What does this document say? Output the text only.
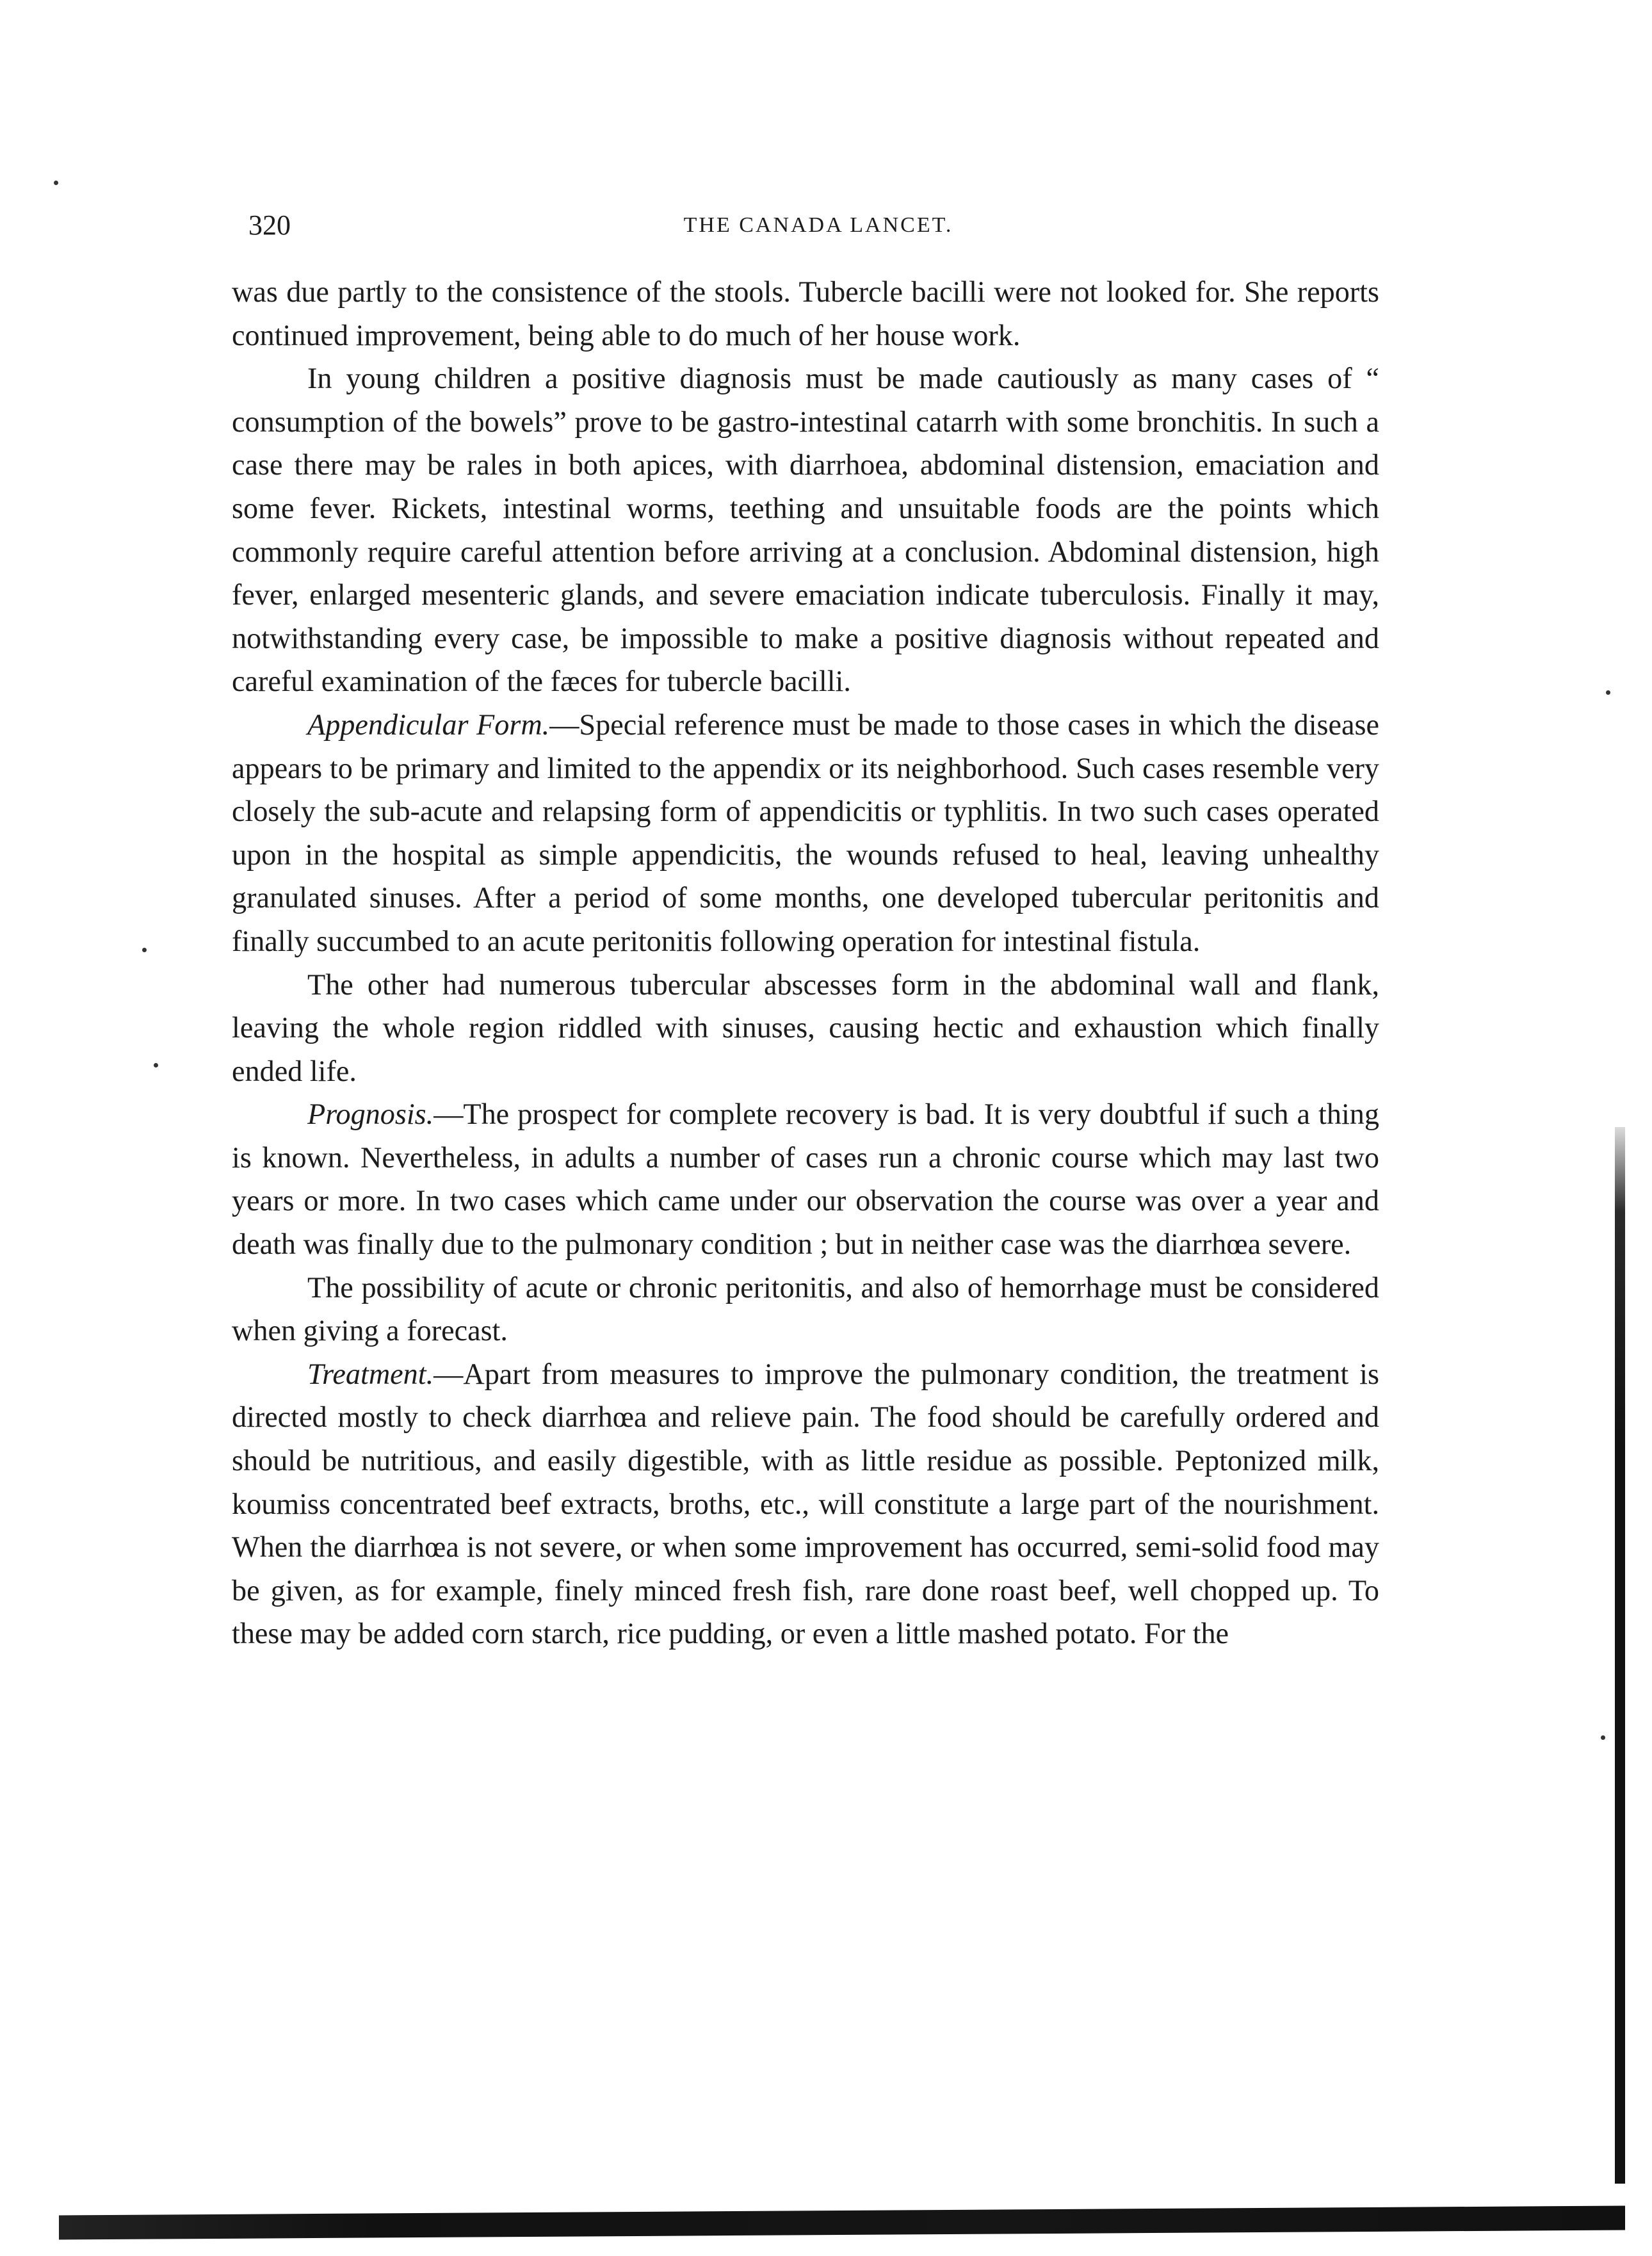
320	THE CANADA LANCET.

was due partly to the consistence of the stools. Tubercle bacilli were not looked for. She reports continued improvement, being able to do much of her house work.

In young children a positive diagnosis must be made cautiously as many cases of “ consumption of the bowels” prove to be gastro-intestinal catarrh with some bronchitis. In such a case there may be rales in both apices, with diarrhoea, abdominal distension, emaciation and some fever. Rickets, intestinal worms, teething and unsuitable foods are the points which commonly require careful attention before arriving at a conclusion. Abdominal distension, high fever, enlarged mesenteric glands, and severe emaciation indicate tuberculosis. Finally it may, notwithstanding every case, be impossible to make a positive diagnosis without repeated and careful examination of the fæces for tubercle bacilli.

Appendicular Form.—Special reference must be made to those cases in which the disease appears to be primary and limited to the appendix or its neighborhood. Such cases resemble very closely the sub-acute and relapsing form of appendicitis or typhlitis. In two such cases operated upon in the hospital as simple appendicitis, the wounds refused to heal, leaving unhealthy granulated sinuses. After a period of some months, one developed tubercular peritonitis and finally succumbed to an acute peritonitis following operation for intestinal fistula.

The other had numerous tubercular abscesses form in the abdominal wall and flank, leaving the whole region riddled with sinuses, causing hectic and exhaustion which finally ended life.

Prognosis.—The prospect for complete recovery is bad. It is very doubtful if such a thing is known. Nevertheless, in adults a number of cases run a chronic course which may last two years or more. In two cases which came under our observation the course was over a year and death was finally due to the pulmonary condition ; but in neither case was the diarrhœa severe.

The possibility of acute or chronic peritonitis, and also of hemorrhage must be considered when giving a forecast.

Treatment.—Apart from measures to improve the pulmonary condition, the treatment is directed mostly to check diarrhœa and relieve pain. The food should be carefully ordered and should be nutritious, and easily digestible, with as little residue as possible. Peptonized milk, koumiss concentrated beef extracts, broths, etc., will constitute a large part of the nourishment. When the diarrhœa is not severe, or when some improvement has occurred, semi-solid food may be given, as for example, finely minced fresh fish, rare done roast beef, well chopped up. To these may be added corn starch, rice pudding, or even a little mashed potato. For the
